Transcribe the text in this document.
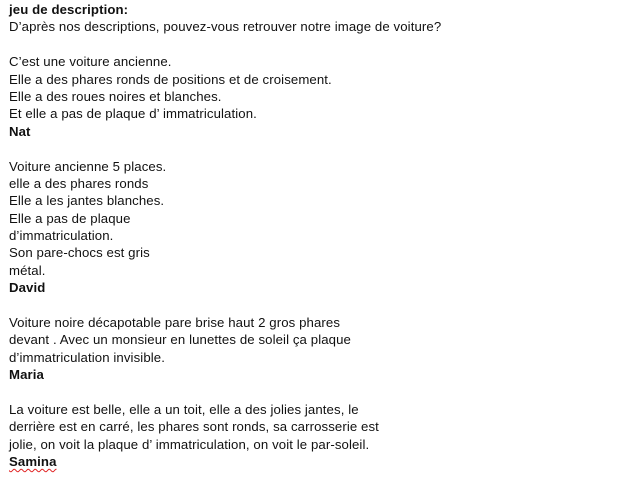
jeu de description:
D’après nos descriptions, pouvez-vous retrouver notre image de voiture?
C’est une voiture ancienne.
Elle a des phares ronds de positions et de croisement.
Elle a des roues noires et blanches.
Et elle a pas de plaque d’ immatriculation.
Nat
Voiture ancienne 5 places.
elle a des phares ronds
Elle a les jantes blanches.
Elle a pas de plaque
d’immatriculation.
Son pare-chocs est gris
métal.
David
Voiture noire décapotable pare brise haut 2 gros phares
devant . Avec un monsieur en lunettes de soleil ça plaque
d’immatriculation invisible.
Maria
La voiture est belle, elle a un toit, elle a des jolies jantes, le
derrière est en carré, les phares sont ronds, sa carrosserie est
jolie, on voit la plaque d’ immatriculation, on voit le par-soleil.
Samina
